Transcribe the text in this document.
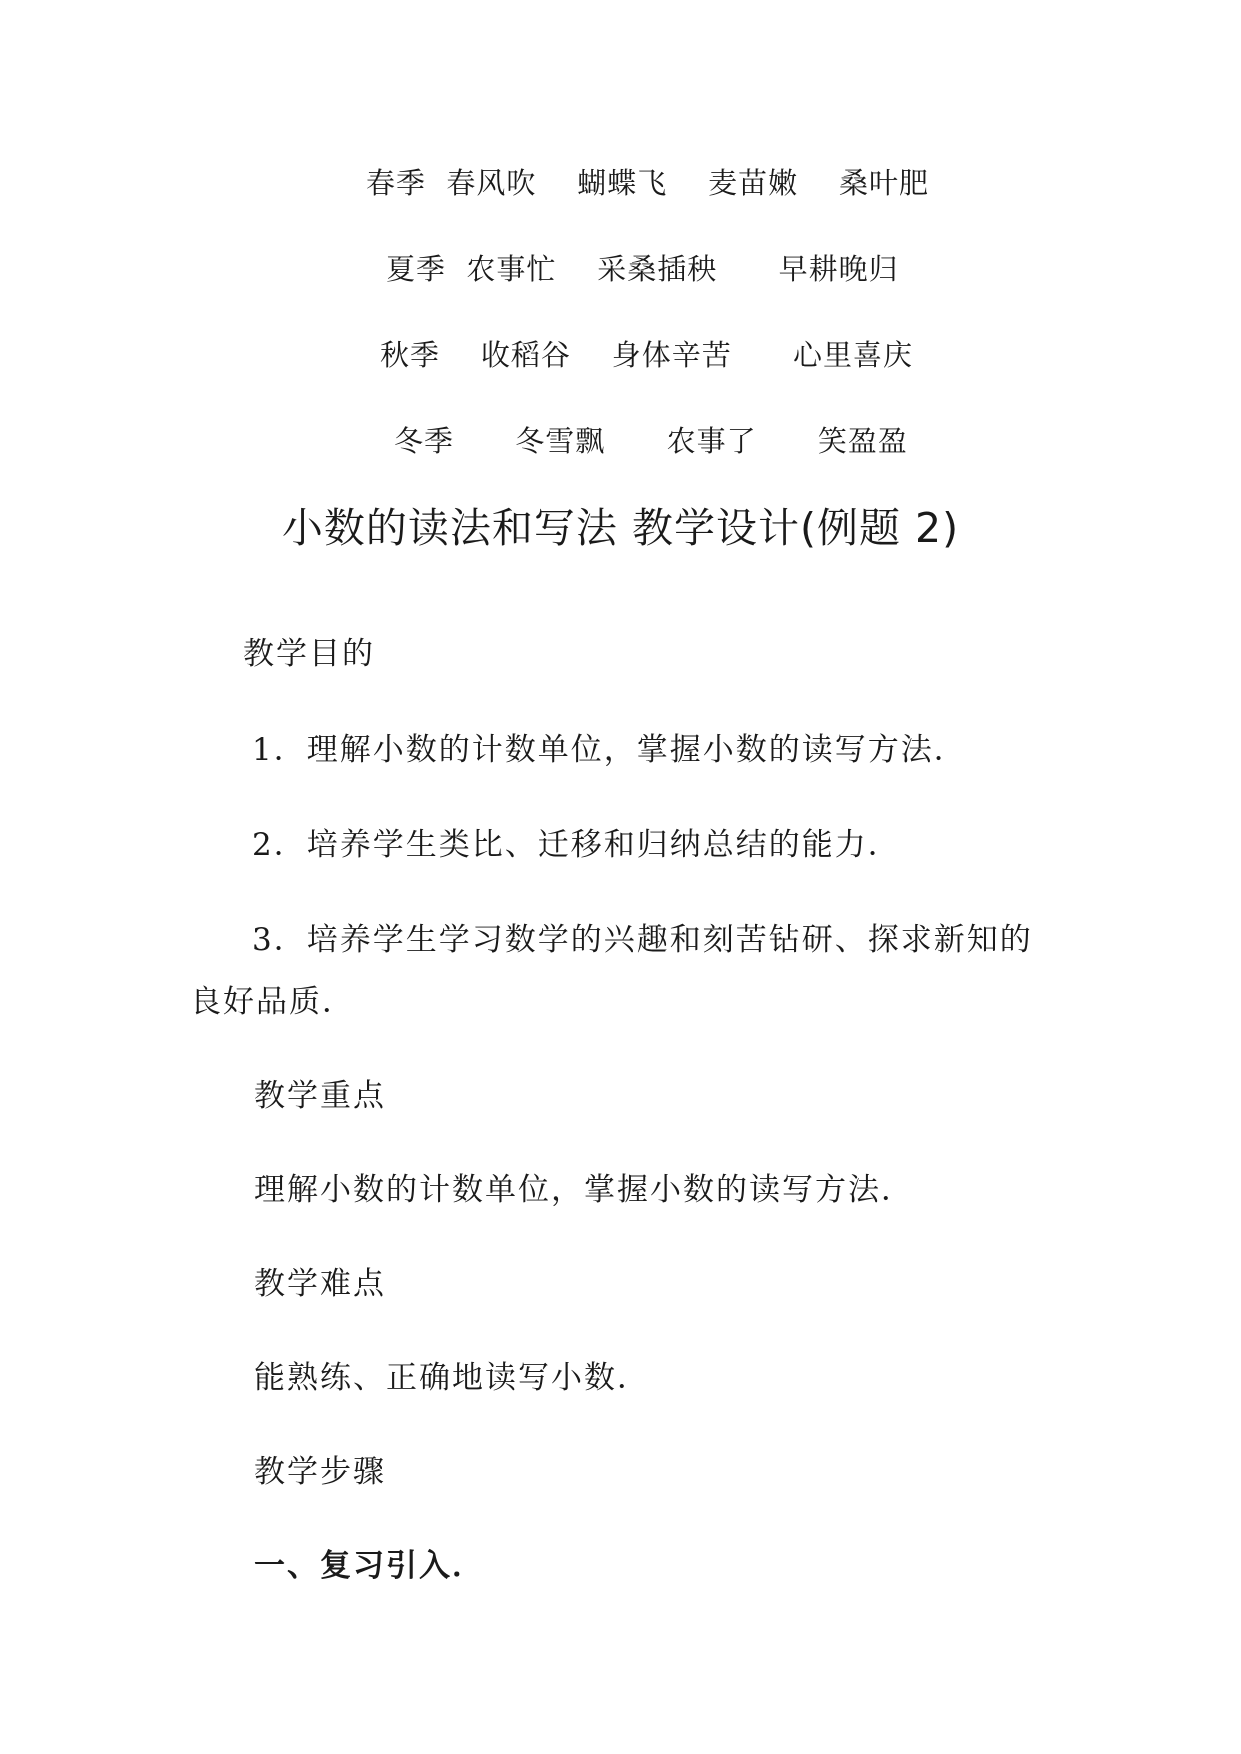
春季  春风吹    蝴蝶飞    麦苗嫩    桑叶肥
夏季  农事忙    采桑插秧      早耕晚归
秋季    收稻谷    身体辛苦      心里喜庆
冬季      冬雪飘      农事了      笑盈盈
小数的读法和写法 教学设计(例题 2)
教学目的
1．理解小数的计数单位，掌握小数的读写方法．
2．培养学生类比、迁移和归纳总结的能力．
3．培养学生学习数学的兴趣和刻苦钻研、探求新知的
良好品质．
教学重点
理解小数的计数单位，掌握小数的读写方法．
教学难点
能熟练、正确地读写小数．
教学步骤
一、复习引入．
